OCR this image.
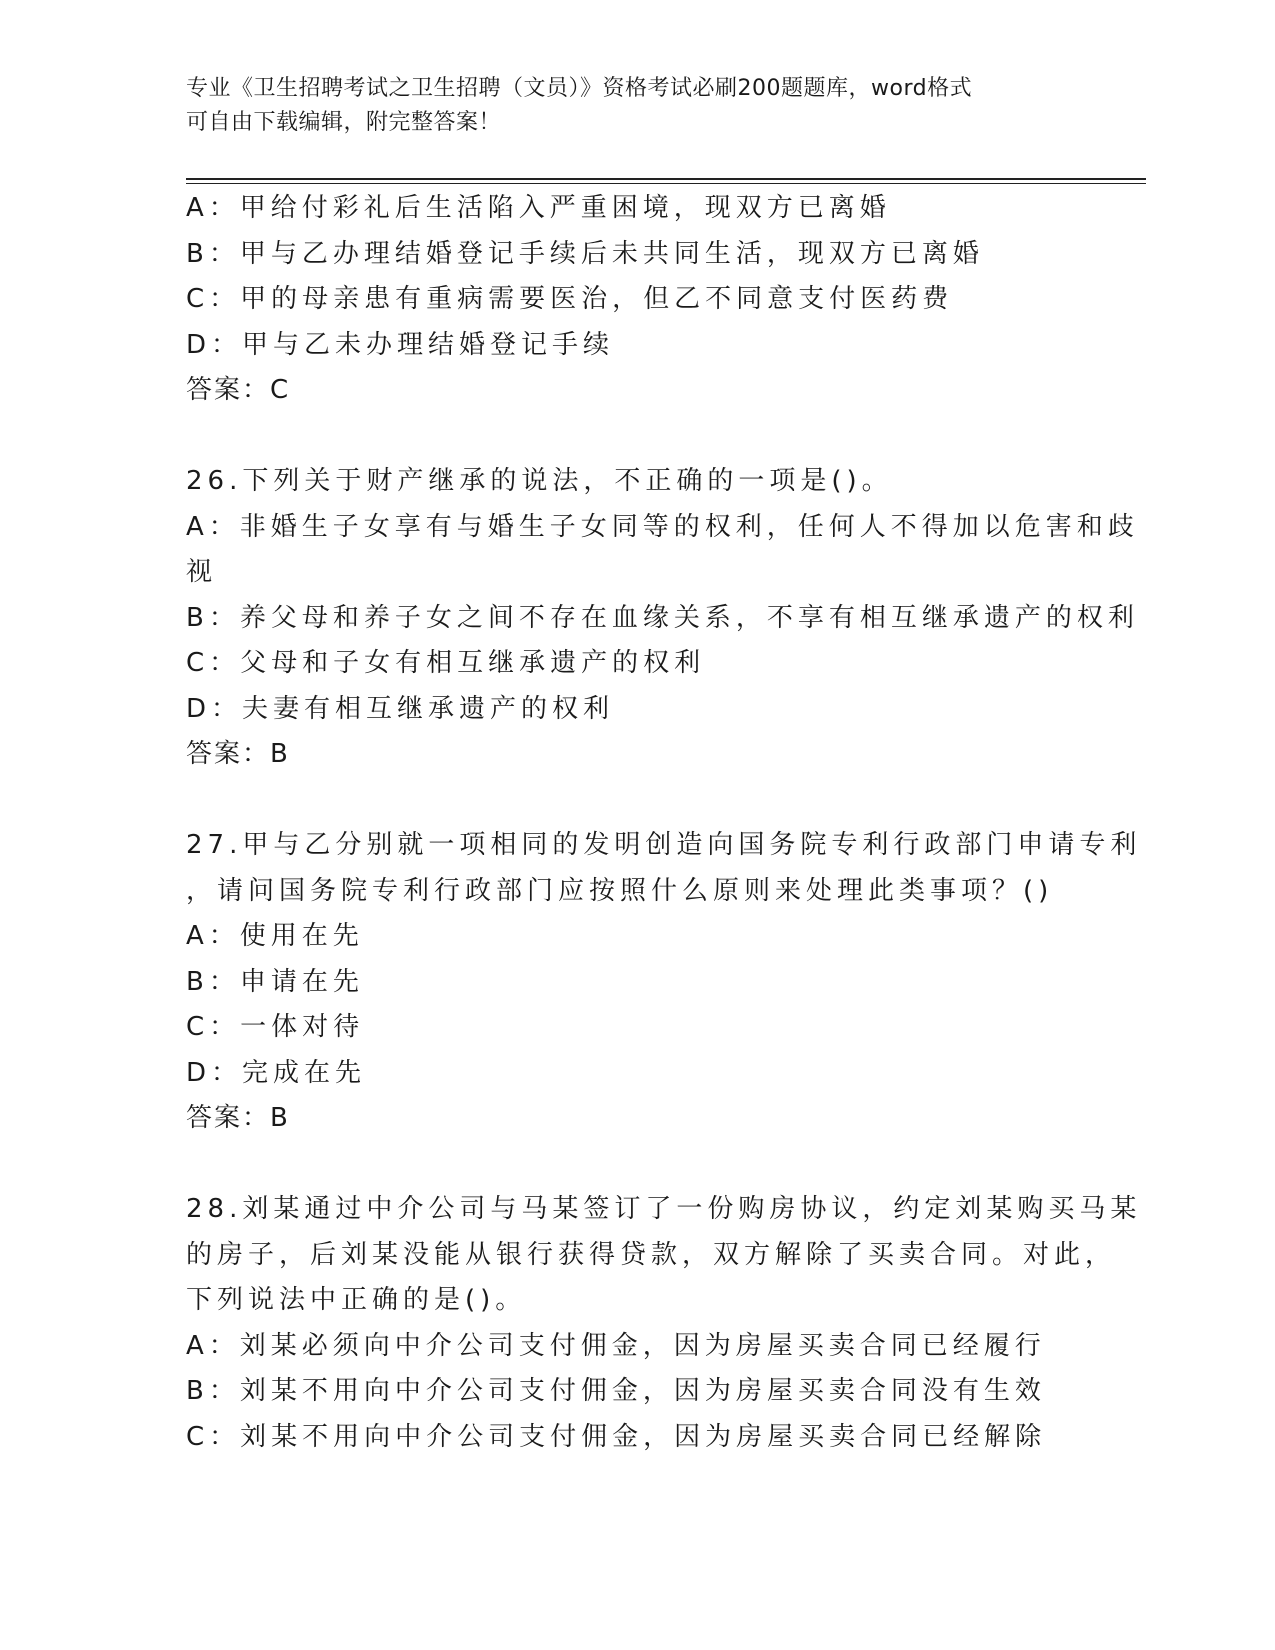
专业《卫生招聘考试之卫生招聘（文员）》资格考试必刷200题题库，word格式
可自由下载编辑，附完整答案！
A：甲给付彩礼后生活陷入严重困境，现双方已离婚
B：甲与乙办理结婚登记手续后未共同生活，现双方已离婚
C：甲的母亲患有重病需要医治，但乙不同意支付医药费
D：甲与乙未办理结婚登记手续
答案：C
26.下列关于财产继承的说法，不正确的一项是()。
A：非婚生子女享有与婚生子女同等的权利，任何人不得加以危害和歧
视
B：养父母和养子女之间不存在血缘关系，不享有相互继承遗产的权利
C：父母和子女有相互继承遗产的权利
D：夫妻有相互继承遗产的权利
答案：B
27.甲与乙分别就一项相同的发明创造向国务院专利行政部门申请专利
，请问国务院专利行政部门应按照什么原则来处理此类事项？()
A：使用在先
B：申请在先
C：一体对待
D：完成在先
答案：B
28.刘某通过中介公司与马某签订了一份购房协议，约定刘某购买马某
的房子，后刘某没能从银行获得贷款，双方解除了买卖合同。对此，
下列说法中正确的是()。
A：刘某必须向中介公司支付佣金，因为房屋买卖合同已经履行
B：刘某不用向中介公司支付佣金，因为房屋买卖合同没有生效
C：刘某不用向中介公司支付佣金，因为房屋买卖合同已经解除
